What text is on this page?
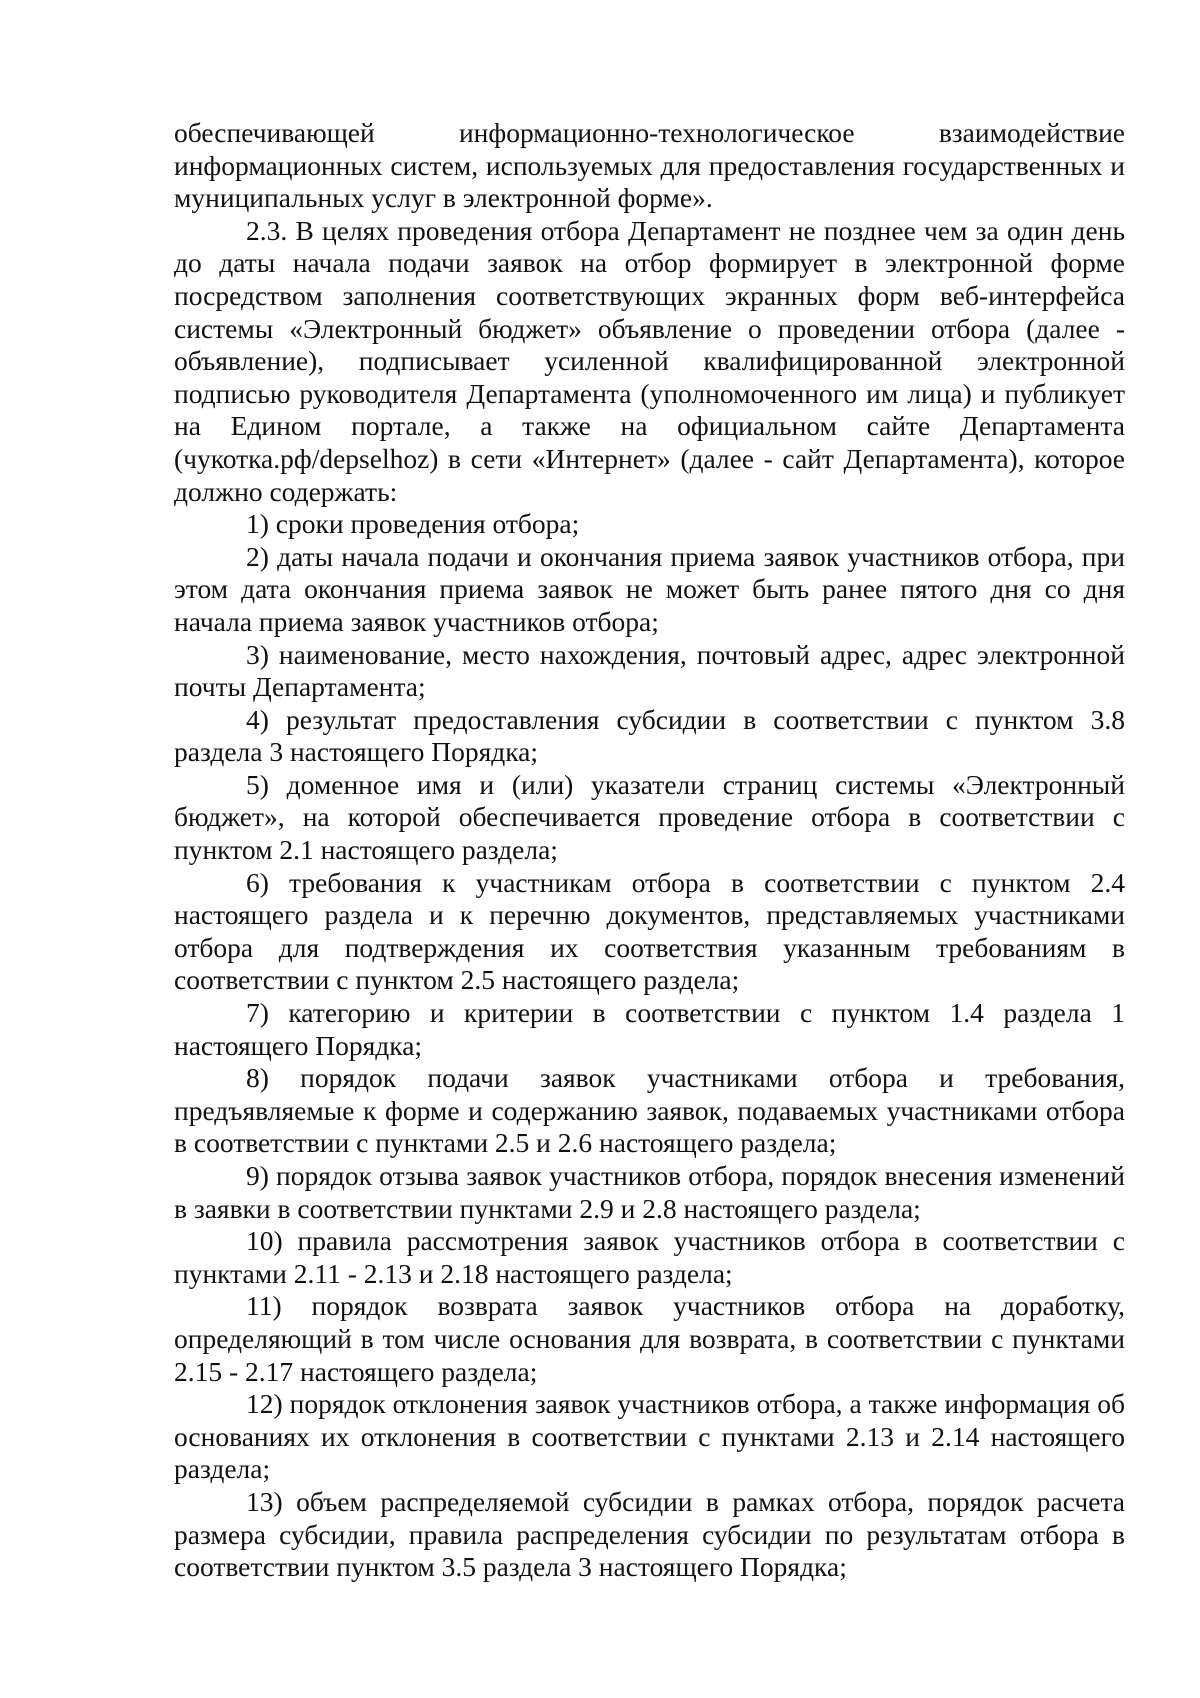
обеспечивающей информационно-технологическое взаимодействие информационных систем, используемых для предоставления государственных и муниципальных услуг в электронной форме».

2.3. В целях проведения отбора Департамент не позднее чем за один день до даты начала подачи заявок на отбор формирует в электронной форме посредством заполнения соответствующих экранных форм веб-интерфейса системы «Электронный бюджет» объявление о проведении отбора (далее - объявление), подписывает усиленной квалифицированной электронной подписью руководителя Департамента (уполномоченного им лица) и публикует на Едином портале, а также на официальном сайте Департамента (чукотка.рф/depselhoz) в сети «Интернет» (далее - сайт Департамента), которое должно содержать:

1) сроки проведения отбора;

2) даты начала подачи и окончания приема заявок участников отбора, при этом дата окончания приема заявок не может быть ранее пятого дня со дня начала приема заявок участников отбора;

3) наименование, место нахождения, почтовый адрес, адрес электронной почты Департамента;

4) результат предоставления субсидии в соответствии с пунктом 3.8 раздела 3 настоящего Порядка;

5) доменное имя и (или) указатели страниц системы «Электронный бюджет», на которой обеспечивается проведение отбора в соответствии с пунктом 2.1 настоящего раздела;

6) требования к участникам отбора в соответствии с пунктом 2.4 настоящего раздела и к перечню документов, представляемых участниками отбора для подтверждения их соответствия указанным требованиям в соответствии с пунктом 2.5 настоящего раздела;

7) категорию и критерии в соответствии с пунктом 1.4 раздела 1 настоящего Порядка;

8) порядок подачи заявок участниками отбора и требования, предъявляемые к форме и содержанию заявок, подаваемых участниками отбора в соответствии с пунктами 2.5 и 2.6 настоящего раздела;

9) порядок отзыва заявок участников отбора, порядок внесения изменений в заявки в соответствии пунктами 2.9 и 2.8 настоящего раздела;

10) правила рассмотрения заявок участников отбора в соответствии с пунктами 2.11 - 2.13 и 2.18 настоящего раздела;

11) порядок возврата заявок участников отбора на доработку, определяющий в том числе основания для возврата, в соответствии с пунктами 2.15 - 2.17 настоящего раздела;

12) порядок отклонения заявок участников отбора, а также информация об основаниях их отклонения в соответствии с пунктами 2.13 и 2.14 настоящего раздела;

13) объем распределяемой субсидии в рамках отбора, порядок расчета размера субсидии, правила распределения субсидии по результатам отбора в соответствии пунктом 3.5 раздела 3 настоящего Порядка;
